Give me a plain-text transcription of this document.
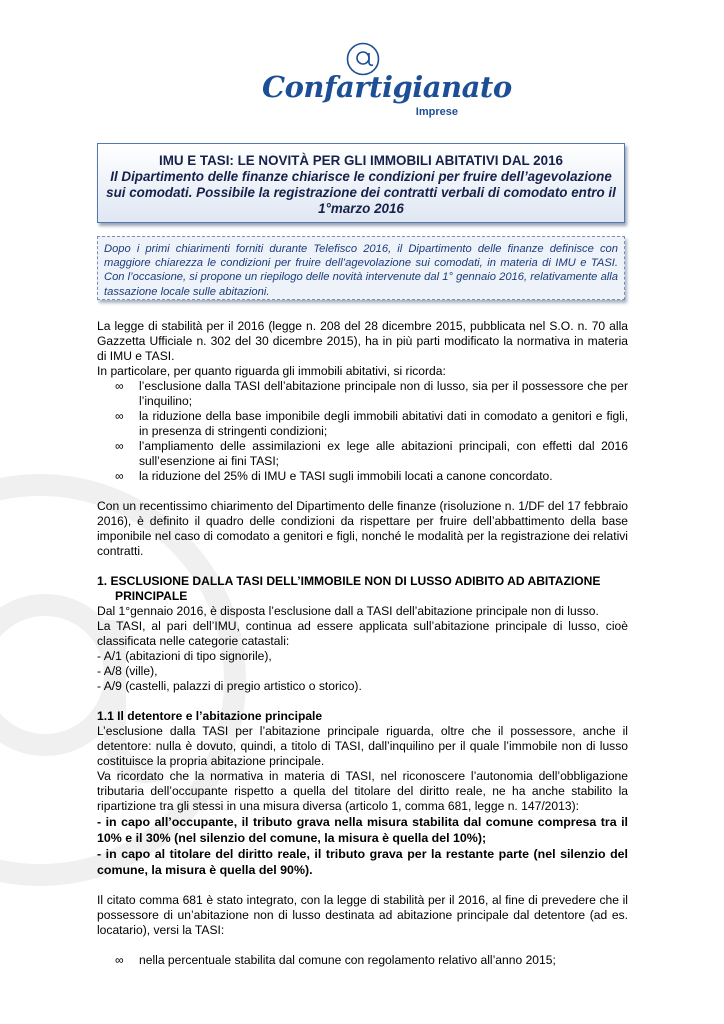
Confartigianato
Imprese
IMU E TASI: LE NOVITÀ PER GLI IMMOBILI ABITATIVI DAL 2016
Il Dipartimento delle finanze chiarisce le condizioni per fruire dell’agevolazione sui comodati. Possibile la registrazione dei contratti verbali di comodato entro il 1°marzo 2016
Dopo i primi chiarimenti forniti durante Telefisco 2016, il Dipartimento delle finanze definisce con maggiore chiarezza le condizioni per fruire dell’agevolazione sui comodati, in materia di IMU e TASI. Con l’occasione, si propone un riepilogo delle novità intervenute dal 1° gennaio 2016, relativamente alla tassazione locale sulle abitazioni.

La legge di stabilità per il 2016 (legge n. 208 del 28 dicembre 2015, pubblicata nel S.O. n. 70 alla Gazzetta Ufficiale n. 302 del 30 dicembre 2015), ha in più parti modificato la normativa in materia di IMU e TASI.

In particolare, per quanto riguarda gli immobili abitativi, si ricorda:

∞ l’esclusione dalla TASI dell’abitazione principale non di lusso, sia per il possessore che per l’inquilino;
∞ la riduzione della base imponibile degli immobili abitativi dati in comodato a genitori e figli, in presenza di stringenti condizioni;
∞ l’ampliamento delle assimilazioni ex lege alle abitazioni principali, con effetti dal 2016 sull’esenzione ai fini TASI;
∞ la riduzione del 25% di IMU e TASI sugli immobili locati a canone concordato.

Con un recentissimo chiarimento del Dipartimento delle finanze (risoluzione n. 1/DF del 17 febbraio 2016), è definito il quadro delle condizioni da rispettare per fruire dell’abbattimento della base imponibile nel caso di comodato a genitori e figli, nonché le modalità per la registrazione dei relativi contratti.

1. ESCLUSIONE DALLA TASI DELL’IMMOBILE NON DI LUSSO ADIBITO AD ABITAZIONE PRINCIPALE

Dal 1°gennaio 2016, è disposta l’esclusione dall a TASI dell’abitazione principale non di lusso.

La TASI, al pari dell’IMU, continua ad essere applicata sull’abitazione principale di lusso, cioè classificata nelle categorie catastali:

- A/1 (abitazioni di tipo signorile),

- A/8 (ville),

- A/9 (castelli, palazzi di pregio artistico o storico).

1.1 Il detentore e l’abitazione principale

L’esclusione dalla TASI per l’abitazione principale riguarda, oltre che il possessore, anche il detentore: nulla è dovuto, quindi, a titolo di TASI, dall’inquilino per il quale l’immobile non di lusso costituisce la propria abitazione principale.

Va ricordato che la normativa in materia di TASI, nel riconoscere l’autonomia dell’obbligazione tributaria dell’occupante rispetto a quella del titolare del diritto reale, ne ha anche stabilito la ripartizione tra gli stessi in una misura diversa (articolo 1, comma 681, legge n. 147/2013):

- in capo all’occupante, il tributo grava nella misura stabilita dal comune compresa tra il 10% e il 30% (nel silenzio del comune, la misura è quella del 10%);

- in capo al titolare del diritto reale, il tributo grava per la restante parte (nel silenzio del comune, la misura è quella del 90%).

Il citato comma 681 è stato integrato, con la legge di stabilità per il 2016, al fine di prevedere che il possessore di un’abitazione non di lusso destinata ad abitazione principale dal detentore (ad es. locatario), versi la TASI:

∞ nella percentuale stabilita dal comune con regolamento relativo all’anno 2015;
